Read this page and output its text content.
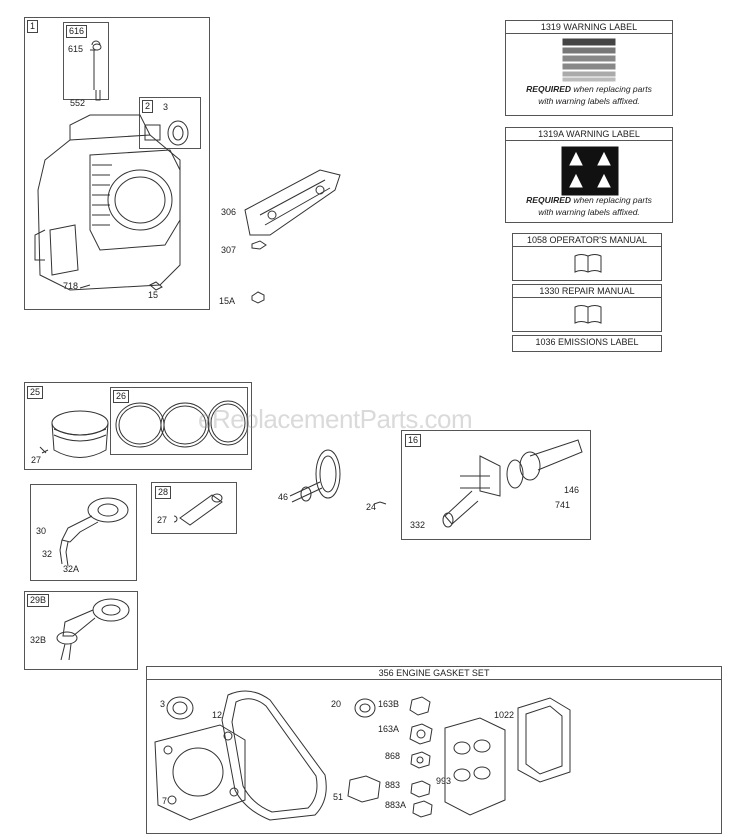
1	616
615
552	2	3
718
15
306
307
15A
1319 WARNING LABEL
REQUIRED when replacing parts
with warning labels affixed.
1319A WARNING LABEL
REQUIRED when replacing parts
with warning labels affixed.
1058 OPERATOR'S MANUAL
1330 REPAIR MANUAL
1036 EMISSIONS LABEL
25	26
27
30
32
32A
28
27
29B
32B
46
24
16
146
741
332
356 ENGINE GASKET SET
3
12
20	163B
163A
868
883
883A
993
1022
7	51
eReplacementParts.com
